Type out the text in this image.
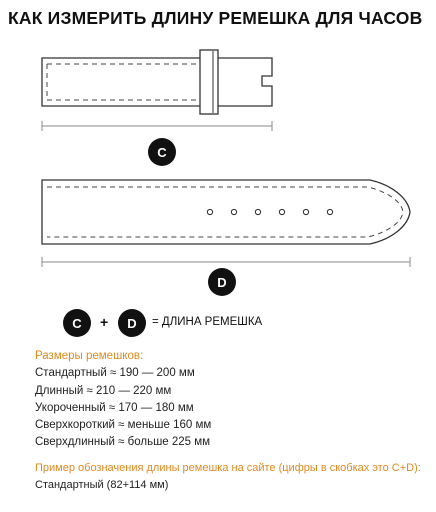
КАК ИЗМЕРИТЬ ДЛИНУ РЕМЕШКА ДЛЯ ЧАСОВ
C
D
C + D = ДЛИНА РЕМЕШКА
Размеры ремешков:
Стандартный ≈ 190 — 200 мм
Длинный ≈ 210 — 220 мм
Укороченный ≈ 170 — 180 мм
Сверхкороткий ≈ меньше 160 мм
Сверхдлинный ≈ больше 225 мм
Пример обозначения длины ремешка на сайте (цифры в скобках это C+D): Стандартный (82+114 мм)
